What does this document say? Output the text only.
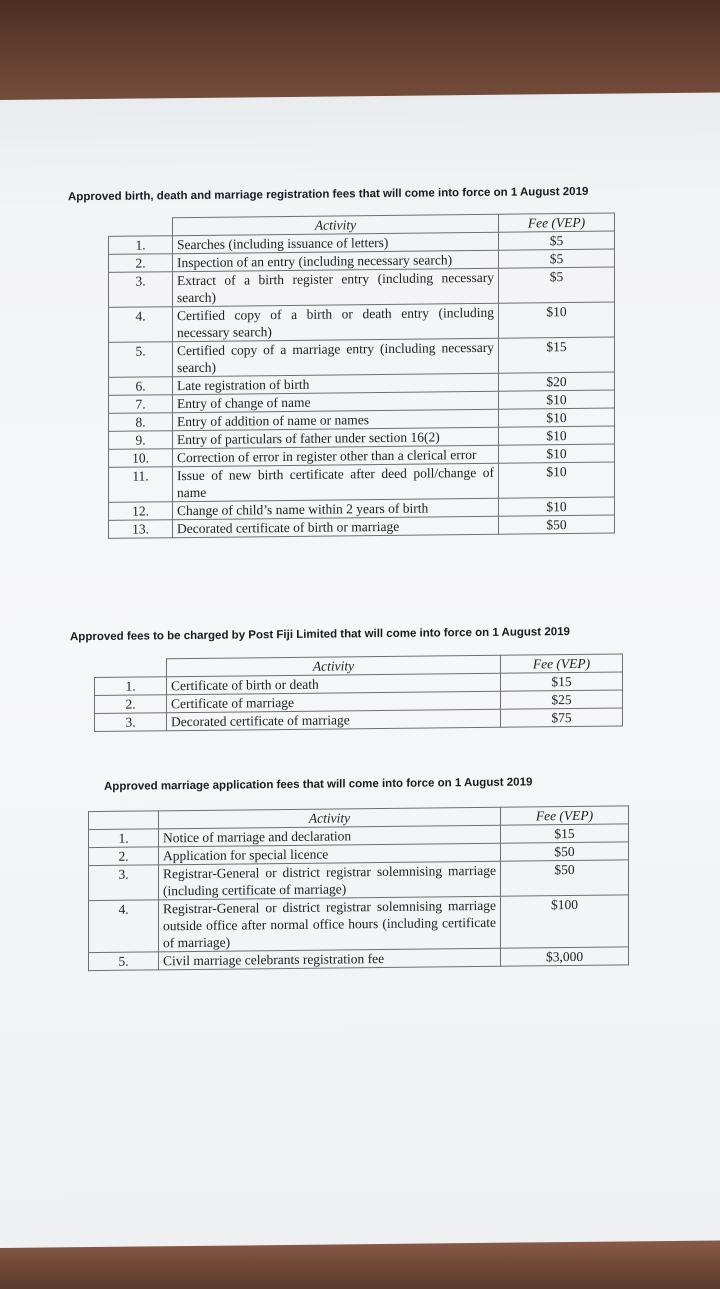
Approved birth, death and marriage registration fees that will come into force on 1 August 2019
	Activity	Fee (VEP)
1.	Searches (including issuance of letters)	$5
2.	Inspection of an entry (including necessary search)	$5
3.	Extract of a birth register entry (including necessary search)	$5
4.	Certified copy of a birth or death entry (including necessary search)	$10
5.	Certified copy of a marriage entry (including necessary search)	$15
6.	Late registration of birth	$20
7.	Entry of change of name	$10
8.	Entry of addition of name or names	$10
9.	Entry of particulars of father under section 16(2)	$10
10.	Correction of error in register other than a clerical error	$10
11.	Issue of new birth certificate after deed poll/change of name	$10
12.	Change of child’s name within 2 years of birth	$10
13.	Decorated certificate of birth or marriage	$50
Approved fees to be charged by Post Fiji Limited that will come into force on 1 August 2019
	Activity	Fee (VEP)
1.	Certificate of birth or death	$15
2.	Certificate of marriage	$25
3.	Decorated certificate of marriage	$75
Approved marriage application fees that will come into force on 1 August 2019
	Activity	Fee (VEP)
1.	Notice of marriage and declaration	$15
2.	Application for special licence	$50
3.	Registrar-General or district registrar solemnising marriage (including certificate of marriage)	$50
4.	Registrar-General or district registrar solemnising marriage outside office after normal office hours (including certificate of marriage)	$100
5.	Civil marriage celebrants registration fee	$3,000
